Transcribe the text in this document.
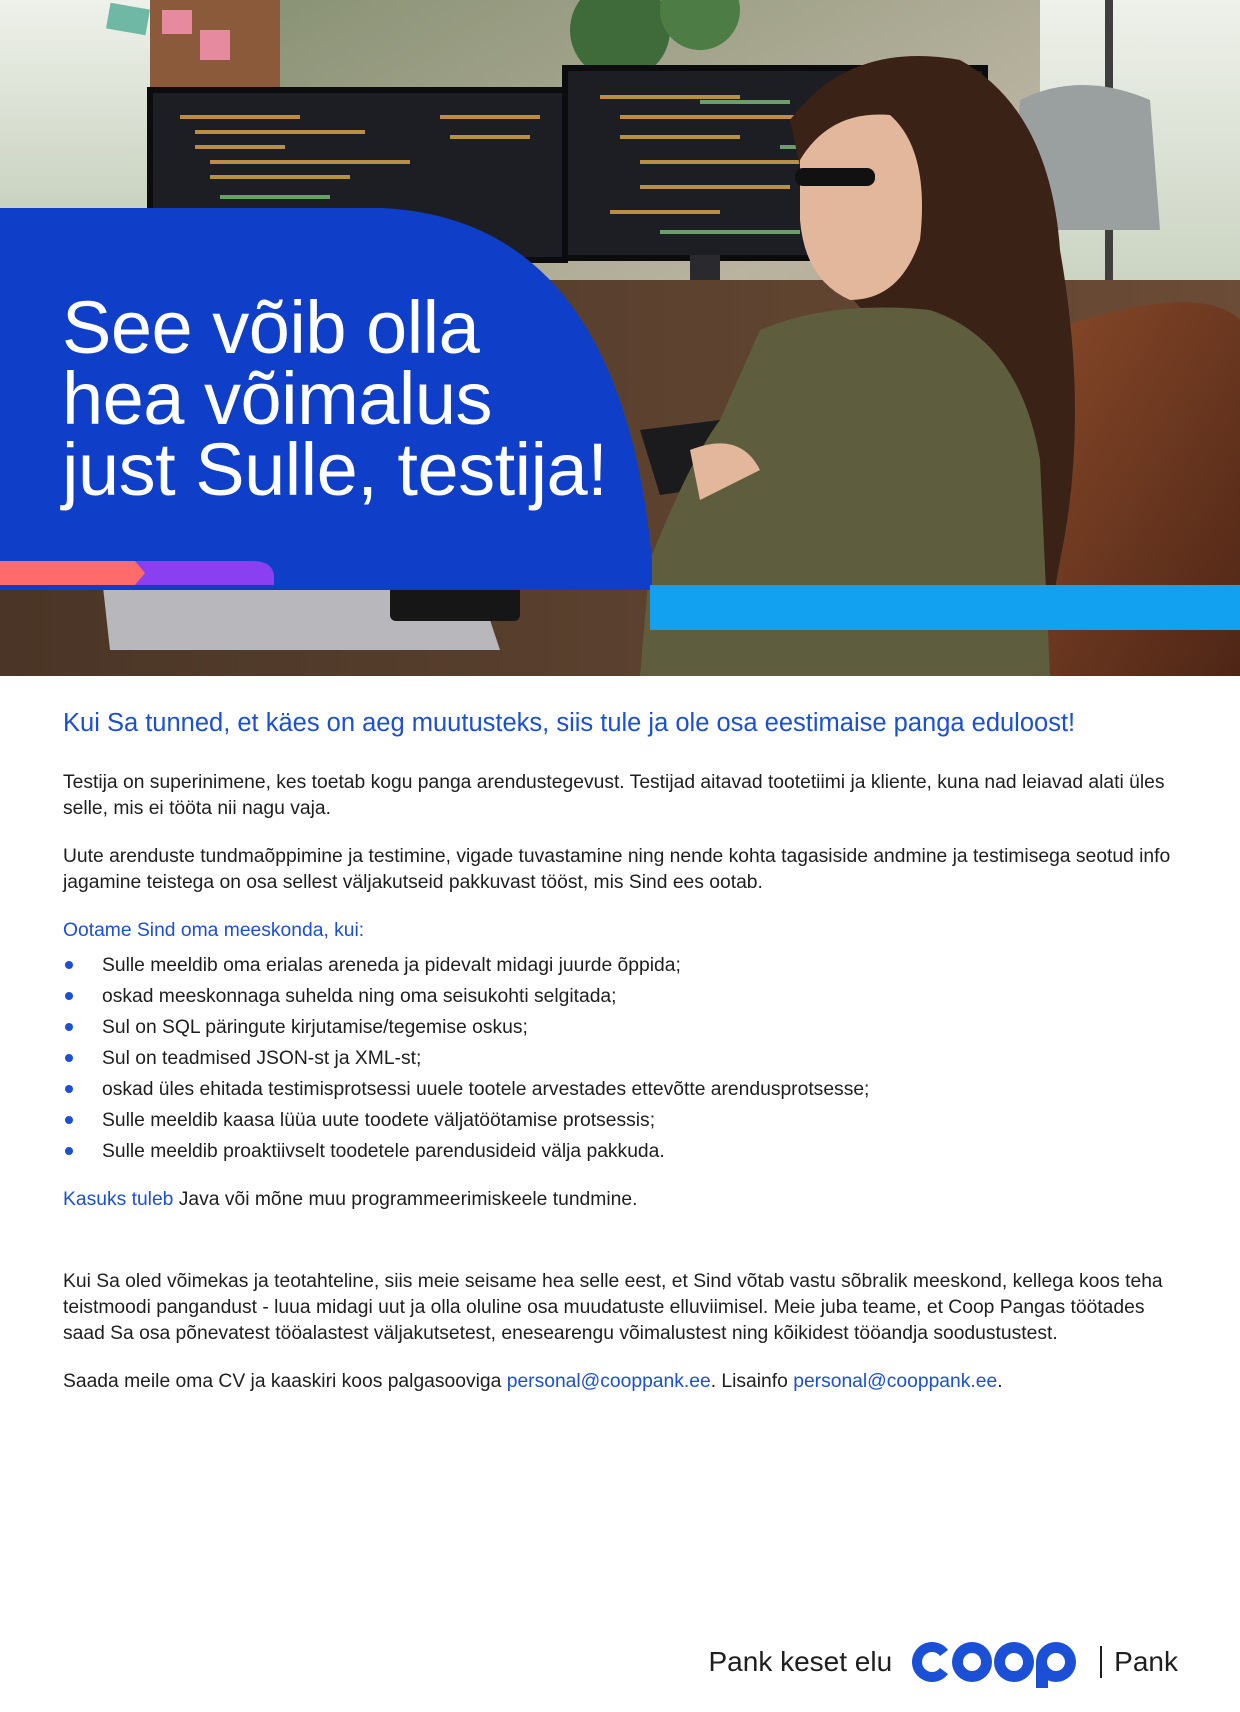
See võib olla
hea võimalus
just Sulle, testija!

Kui Sa tunned, et käes on aeg muutusteks, siis tule ja ole osa eestimaise panga eduloost!

Testija on superinimene, kes toetab kogu panga arendustegevust. Testijad aitavad tootetiimi ja kliente, kuna nad leiavad alati üles selle, mis ei tööta nii nagu vaja.

Uute arenduste tundmaõppimine ja testimine, vigade tuvastamine ning nende kohta tagasiside andmine ja testimisega seotud info jagamine teistega on osa sellest väljakutseid pakkuvast tööst, mis Sind ees ootab.

Ootame Sind oma meeskonda, kui:

Sulle meeldib oma erialas areneda ja pidevalt midagi juurde õppida;
oskad meeskonnaga suhelda ning oma seisukohti selgitada;
Sul on SQL päringute kirjutamise/tegemise oskus;
Sul on teadmised JSON-st ja XML-st;
oskad üles ehitada testimisprotsessi uuele tootele arvestades ettevõtte arendusprotsesse;
Sulle meeldib kaasa lüüa uute toodete väljatöötamise protsessis;
Sulle meeldib proaktiivselt toodetele parendusideid välja pakkuda.

Kasuks tuleb Java või mõne muu programmeerimiskeele tundmine.

Kui Sa oled võimekas ja teotahteline, siis meie seisame hea selle eest, et Sind võtab vastu sõbralik meeskond, kellega koos teha teistmoodi pangandust - luua midagi uut ja olla oluline osa muudatuste elluviimisel. Meie juba teame, et Coop Pangas töötades saad Sa osa põnevatest tööalastest väljakutsetest, enesearengu võimalustest ning kõikidest tööandja soodustustest.

Saada meile oma CV ja kaaskiri koos palgasooviga personal@cooppank.ee. Lisainfo personal@cooppank.ee.

Pank keset elu	Pank
